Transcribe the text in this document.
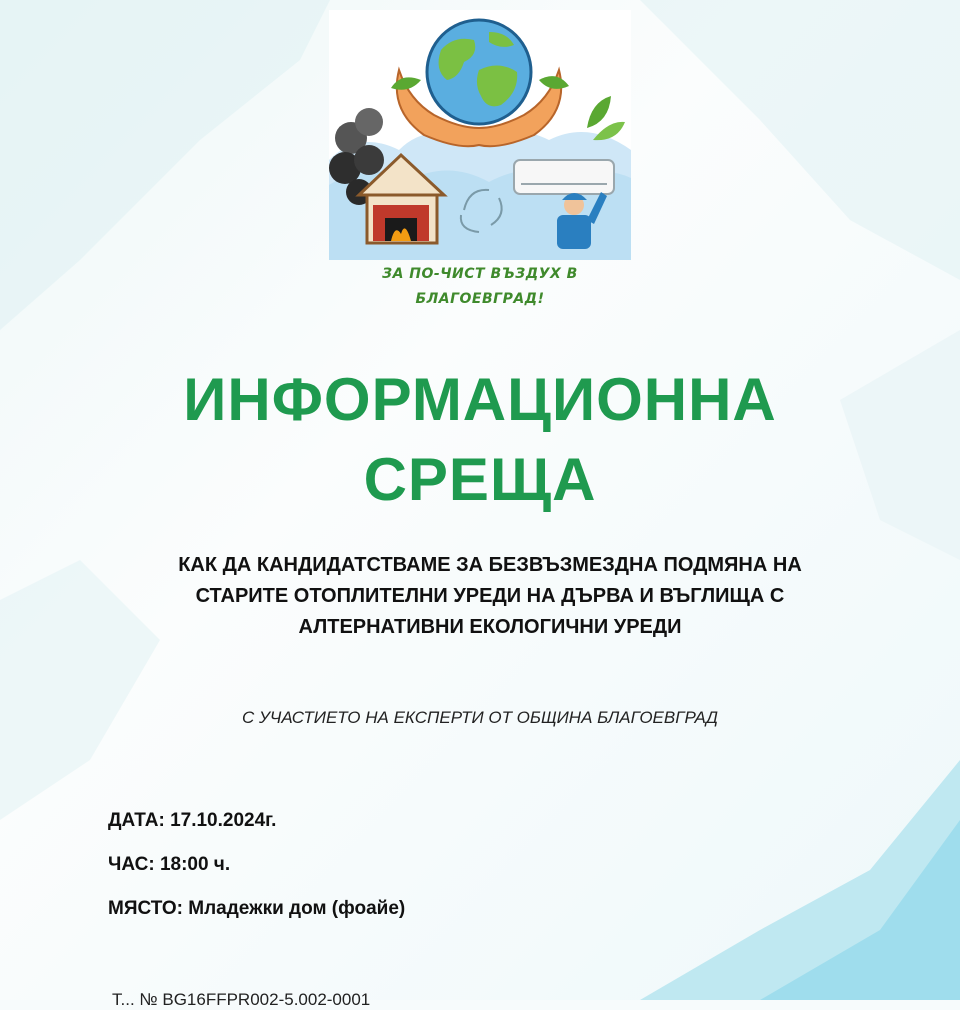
ЗА ПО-ЧИСТ ВЪЗДУХ В
БЛАГОЕВГРАД!
ИНФОРМАЦИОННА
СРЕЩА
КАК ДА КАНДИДАТСТВАМЕ ЗА БЕЗВЪЗМЕЗДНА ПОДМЯНА НА
СТАРИТЕ ОТОПЛИТЕЛНИ УРЕДИ НА ДЪРВА И ВЪГЛИЩА С
АЛТЕРНАТИВНИ ЕКОЛОГИЧНИ УРЕДИ
С УЧАСТИЕТО НА ЕКСПЕРТИ ОТ ОБЩИНА БЛАГОЕВГРАД
ДАТА: 17.10.2024г.
ЧАС: 18:00 ч.
МЯСТО: Младежки дом (фоайе)
Т... № BG16FFPR002-5.002-0001
